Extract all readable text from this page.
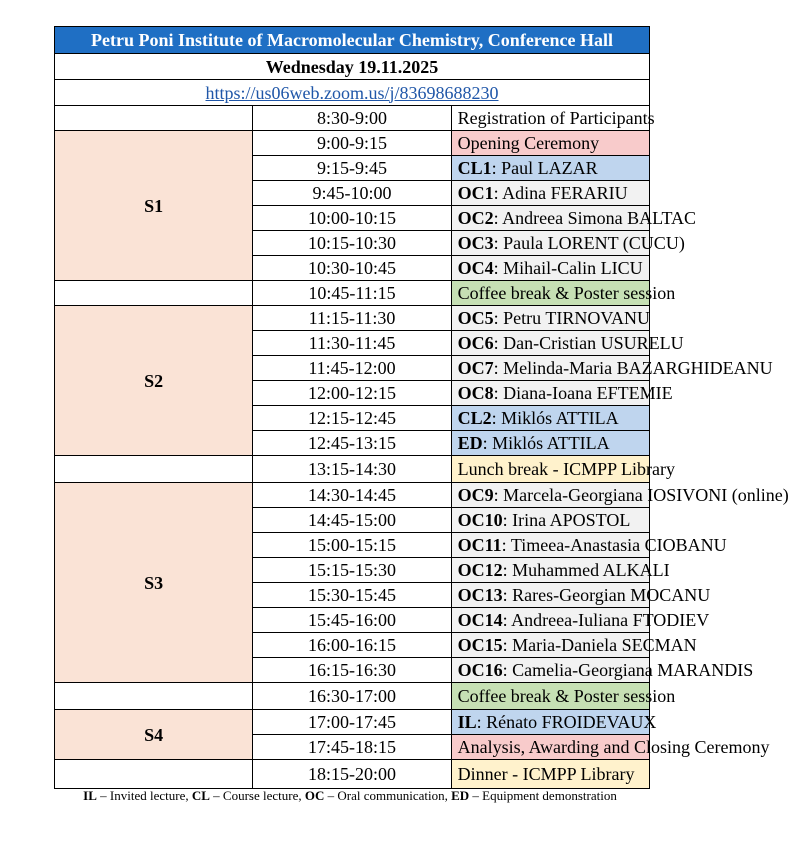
Petru Poni Institute of Macromolecular Chemistry, Conference Hall		
Wednesday 19.11.2025		
https://us06web.zoom.us/j/83698688230		
	8:30-9:00	Registration of Participants
S1	9:00-9:15	Opening Ceremony
	9:15-9:45	CL1: Paul LAZAR
	9:45-10:00	OC1: Adina FERARIU
	10:00-10:15	OC2: Andreea Simona BALTAC
	10:15-10:30	OC3: Paula LORENT (CUCU)
	10:30-10:45	OC4: Mihail-Calin LICU
	10:45-11:15	Coffee break & Poster session
S2	11:15-11:30	OC5: Petru TIRNOVANU
	11:30-11:45	OC6: Dan-Cristian USURELU
	11:45-12:00	OC7: Melinda-Maria BAZARGHIDEANU
	12:00-12:15	OC8: Diana-Ioana EFTEMIE
	12:15-12:45	CL2: Miklós ATTILA
	12:45-13:15	ED: Miklós ATTILA
	13:15-14:30	Lunch break - ICMPP Library
S3	14:30-14:45	OC9: Marcela-Georgiana IOSIVONI (online)
	14:45-15:00	OC10: Irina APOSTOL
	15:00-15:15	OC11: Timeea-Anastasia CIOBANU
	15:15-15:30	OC12: Muhammed ALKALI
	15:30-15:45	OC13: Rares-Georgian MOCANU
	15:45-16:00	OC14: Andreea-Iuliana FTODIEV
	16:00-16:15	OC15: Maria-Daniela SECMAN
	16:15-16:30	OC16: Camelia-Georgiana MARANDIS
	16:30-17:00	Coffee break & Poster session
S4	17:00-17:45	IL: Rénato FROIDEVAUX
	17:45-18:15	Analysis, Awarding and Closing Ceremony
	18:15-20:00	Dinner - ICMPP Library
IL – Invited lecture, CL – Course lecture, OC – Oral communication, ED – Equipment demonstration
